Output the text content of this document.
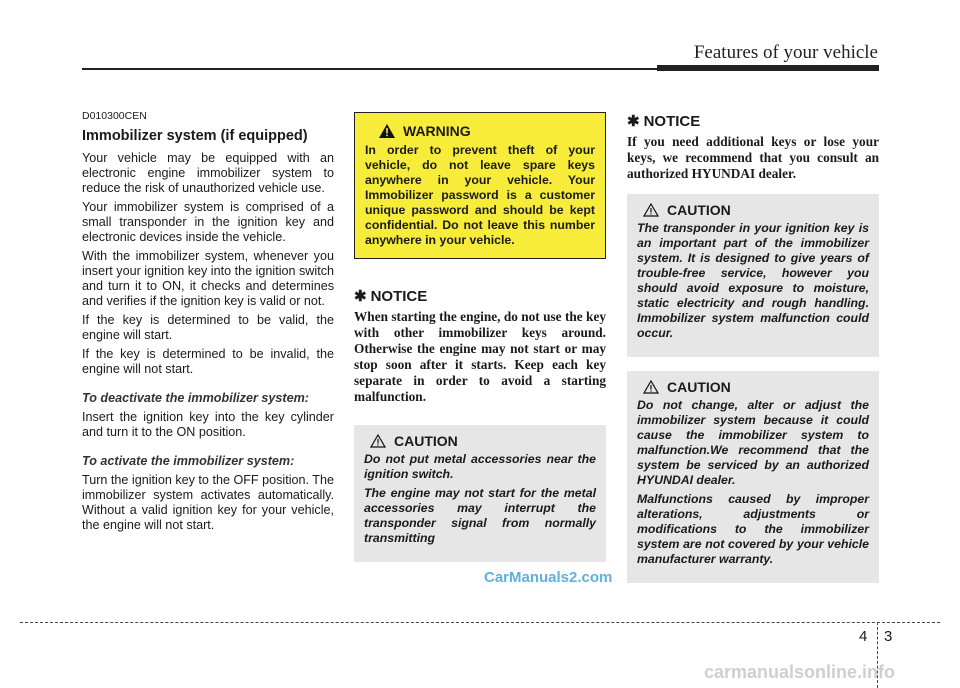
Features of your vehicle
D010300CEN
Immobilizer system (if equipped)

Your vehicle may be equipped with an electronic engine immobilizer system to reduce the risk of unauthorized vehicle use.

Your immobilizer system is comprised of a small transponder in the ignition key and electronic devices inside the vehicle.

With the immobilizer system, whenever you insert your ignition key into the ignition switch and turn it to ON, it checks and determines and verifies if the ignition key is valid or not.

If the key is determined to be valid, the engine will start.

If the key is determined to be invalid, the engine will not start.

To deactivate the immobilizer system:

Insert the ignition key into the key cylinder and turn it to the ON position.

To activate the immobilizer system:

Turn the ignition key to the OFF position. The immobilizer system activates automatically. Without a valid ignition key for your vehicle, the engine will not start.

WARNING

In order to prevent theft of your vehicle, do not leave spare keys anywhere in your vehicle. Your Immobilizer password is a customer unique password and should be kept confidential. Do not leave this number anywhere in your vehicle.

✱ NOTICE

When starting the engine, do not use the key with other immobilizer keys around. Otherwise the engine may not start or may stop soon after it starts. Keep each key separate in order to avoid a starting malfunction.

CAUTION

Do not put metal accessories near the ignition switch.

The engine may not start for the metal accessories may interrupt the transponder signal from normally transmitting

✱ NOTICE

If you need additional keys or lose your keys, we recommend that you consult an authorized HYUNDAI dealer.

CAUTION

The transponder in your ignition key is an important part of the immobilizer system. It is designed to give years of trouble-free service, however you should avoid exposure to moisture, static electricity and rough handling. Immobilizer system malfunction could occur.

CAUTION

Do not change, alter or adjust the immobilizer system because it could cause the immobilizer system to malfunction.We recommend that the system be serviced by an authorized HYUNDAI dealer.

Malfunctions caused by improper alterations, adjustments or modifications to the immobilizer system are not covered by your vehicle manufacturer warranty.

CarManuals2.com
4 3
carmanualsonline.info
